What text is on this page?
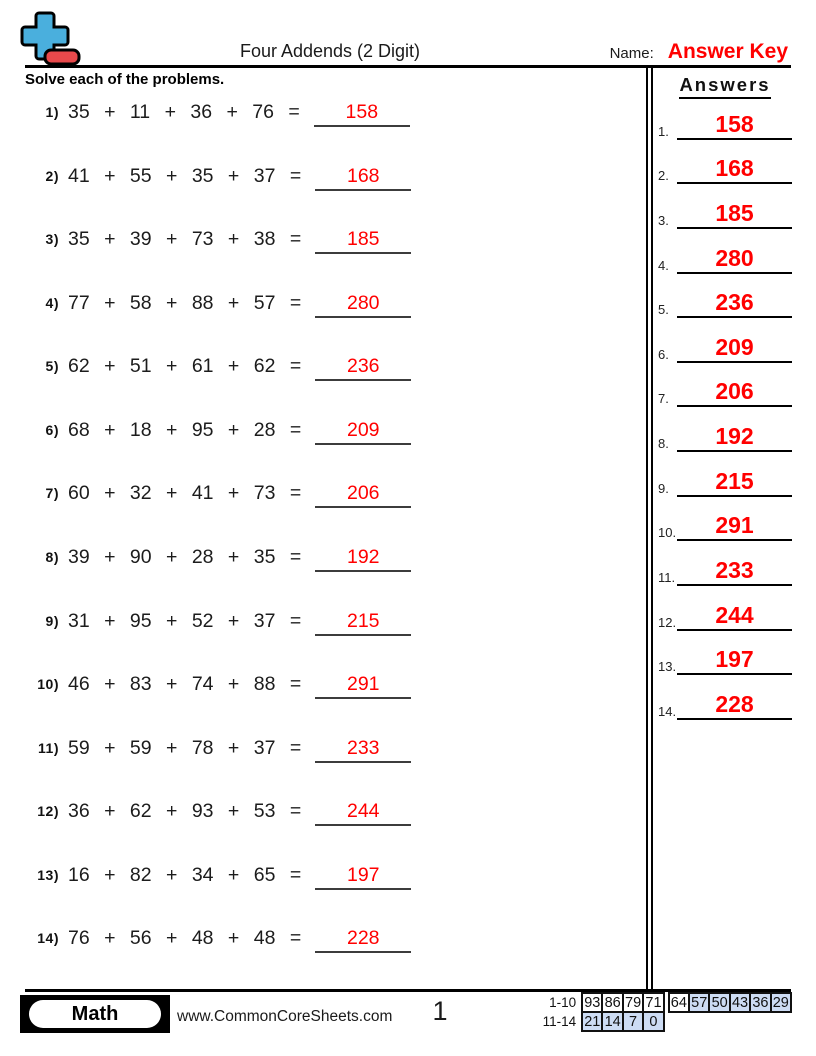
Four Addends (2 Digit)	Name: Answer Key
Solve each of the problems.
1) 35 + 11 + 36 + 76 =	158
2) 41 + 55 + 35 + 37 =	168
3) 35 + 39 + 73 + 38 =	185
4) 77 + 58 + 88 + 57 =	280
5) 62 + 51 + 61 + 62 =	236
6) 68 + 18 + 95 + 28 =	209
7) 60 + 32 + 41 + 73 =	206
8) 39 + 90 + 28 + 35 =	192
9) 31 + 95 + 52 + 37 =	215
10) 46 + 83 + 74 + 88 =	291
11) 59 + 59 + 78 + 37 =	233
12) 36 + 62 + 93 + 53 =	244
13) 16 + 82 + 34 + 65 =	197
14) 76 + 56 + 48 + 48 =	228
Answers
1.	158
2.	168
3.	185
4.	280
5.	236
6.	209
7.	206
8.	192
9.	215
10.	291
11.	233
12.	244
13.	197
14.	228
Math	www.CommonCoreSheets.com	1	1-10 93 86 79 71 64 57 50 43 36 29
11-14 21 14 7 0
